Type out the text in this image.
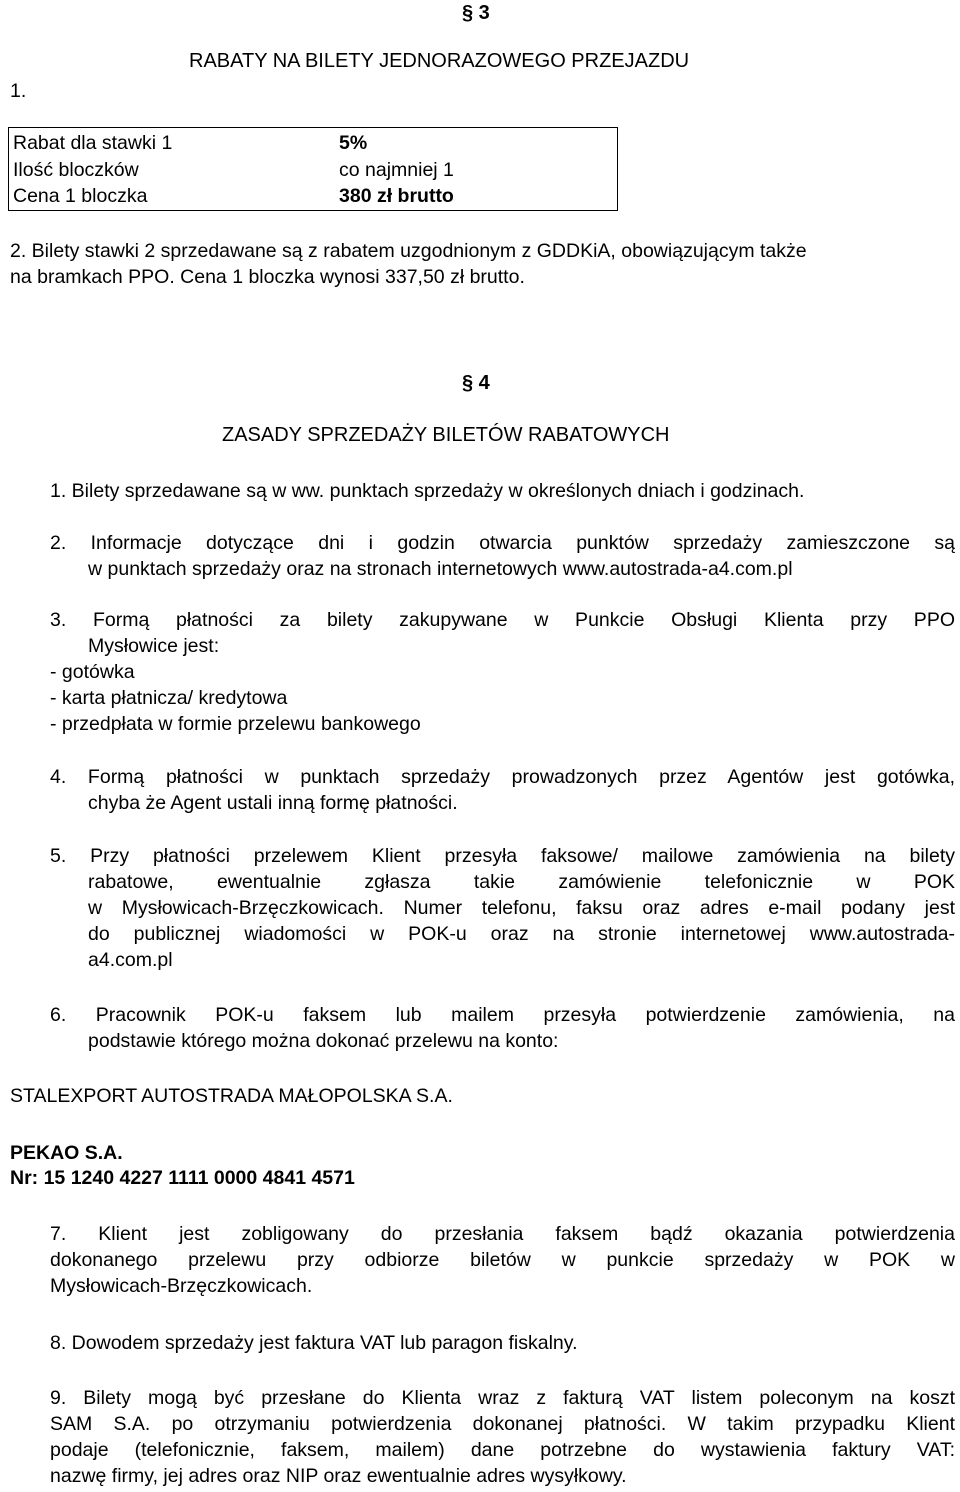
§ 3
1.
RABATY NA BILETY JEDNORAZOWEGO PRZEJAZDU
Rabat dla stawki 1	5%
Ilość bloczków	co najmniej 1
Cena 1 bloczka	380 zł brutto
2. Bilety stawki 2 sprzedawane są z rabatem uzgodnionym z GDDKiA, obowiązującym także
na bramkach PPO. Cena 1 bloczka wynosi 337,50 zł brutto.
§ 4
ZASADY SPRZEDAŻY BILETÓW RABATOWYCH
1. Bilety sprzedawane są w ww. punktach sprzedaży w określonych dniach i godzinach.
2. Informacje dotyczące dni i godzin otwarcia punktów sprzedaży zamieszczone są
w punktach sprzedaży oraz na stronach internetowych www.autostrada-a4.com.pl
3. Formą płatności za bilety zakupywane w Punkcie Obsługi Klienta przy PPO
Mysłowice jest:
- gotówka
- karta płatnicza/ kredytowa
- przedpłata w formie przelewu bankowego
4. Formą płatności w punktach sprzedaży prowadzonych przez Agentów jest gotówka,
chyba że Agent ustali inną formę płatności.
5. Przy płatności przelewem Klient przesyła faksowe/ mailowe zamówienia na bilety
rabatowe, ewentualnie zgłasza takie zamówienie telefonicznie w POK
w Mysłowicach-Brzęczkowicach. Numer telefonu, faksu oraz adres e-mail podany jest
do publicznej wiadomości w POK-u oraz na stronie internetowej www.autostrada-
a4.com.pl
6. Pracownik POK-u faksem lub mailem przesyła potwierdzenie zamówienia, na
podstawie którego można dokonać przelewu na konto:
STALEXPORT AUTOSTRADA MAŁOPOLSKA S.A.
PEKAO S.A.
Nr: 15 1240 4227 1111 0000 4841 4571
7. Klient jest zobligowany do przesłania faksem bądź okazania potwierdzenia
dokonanego przelewu przy odbiorze biletów w punkcie sprzedaży w POK w
Mysłowicach-Brzęczkowicach.
8. Dowodem sprzedaży jest faktura VAT lub paragon fiskalny.
9. Bilety mogą być przesłane do Klienta wraz z fakturą VAT listem poleconym na koszt
SAM S.A. po otrzymaniu potwierdzenia dokonanej płatności. W takim przypadku Klient
podaje (telefonicznie, faksem, mailem) dane potrzebne do wystawienia faktury VAT:
nazwę firmy, jej adres oraz NIP oraz ewentualnie adres wysyłkowy.
